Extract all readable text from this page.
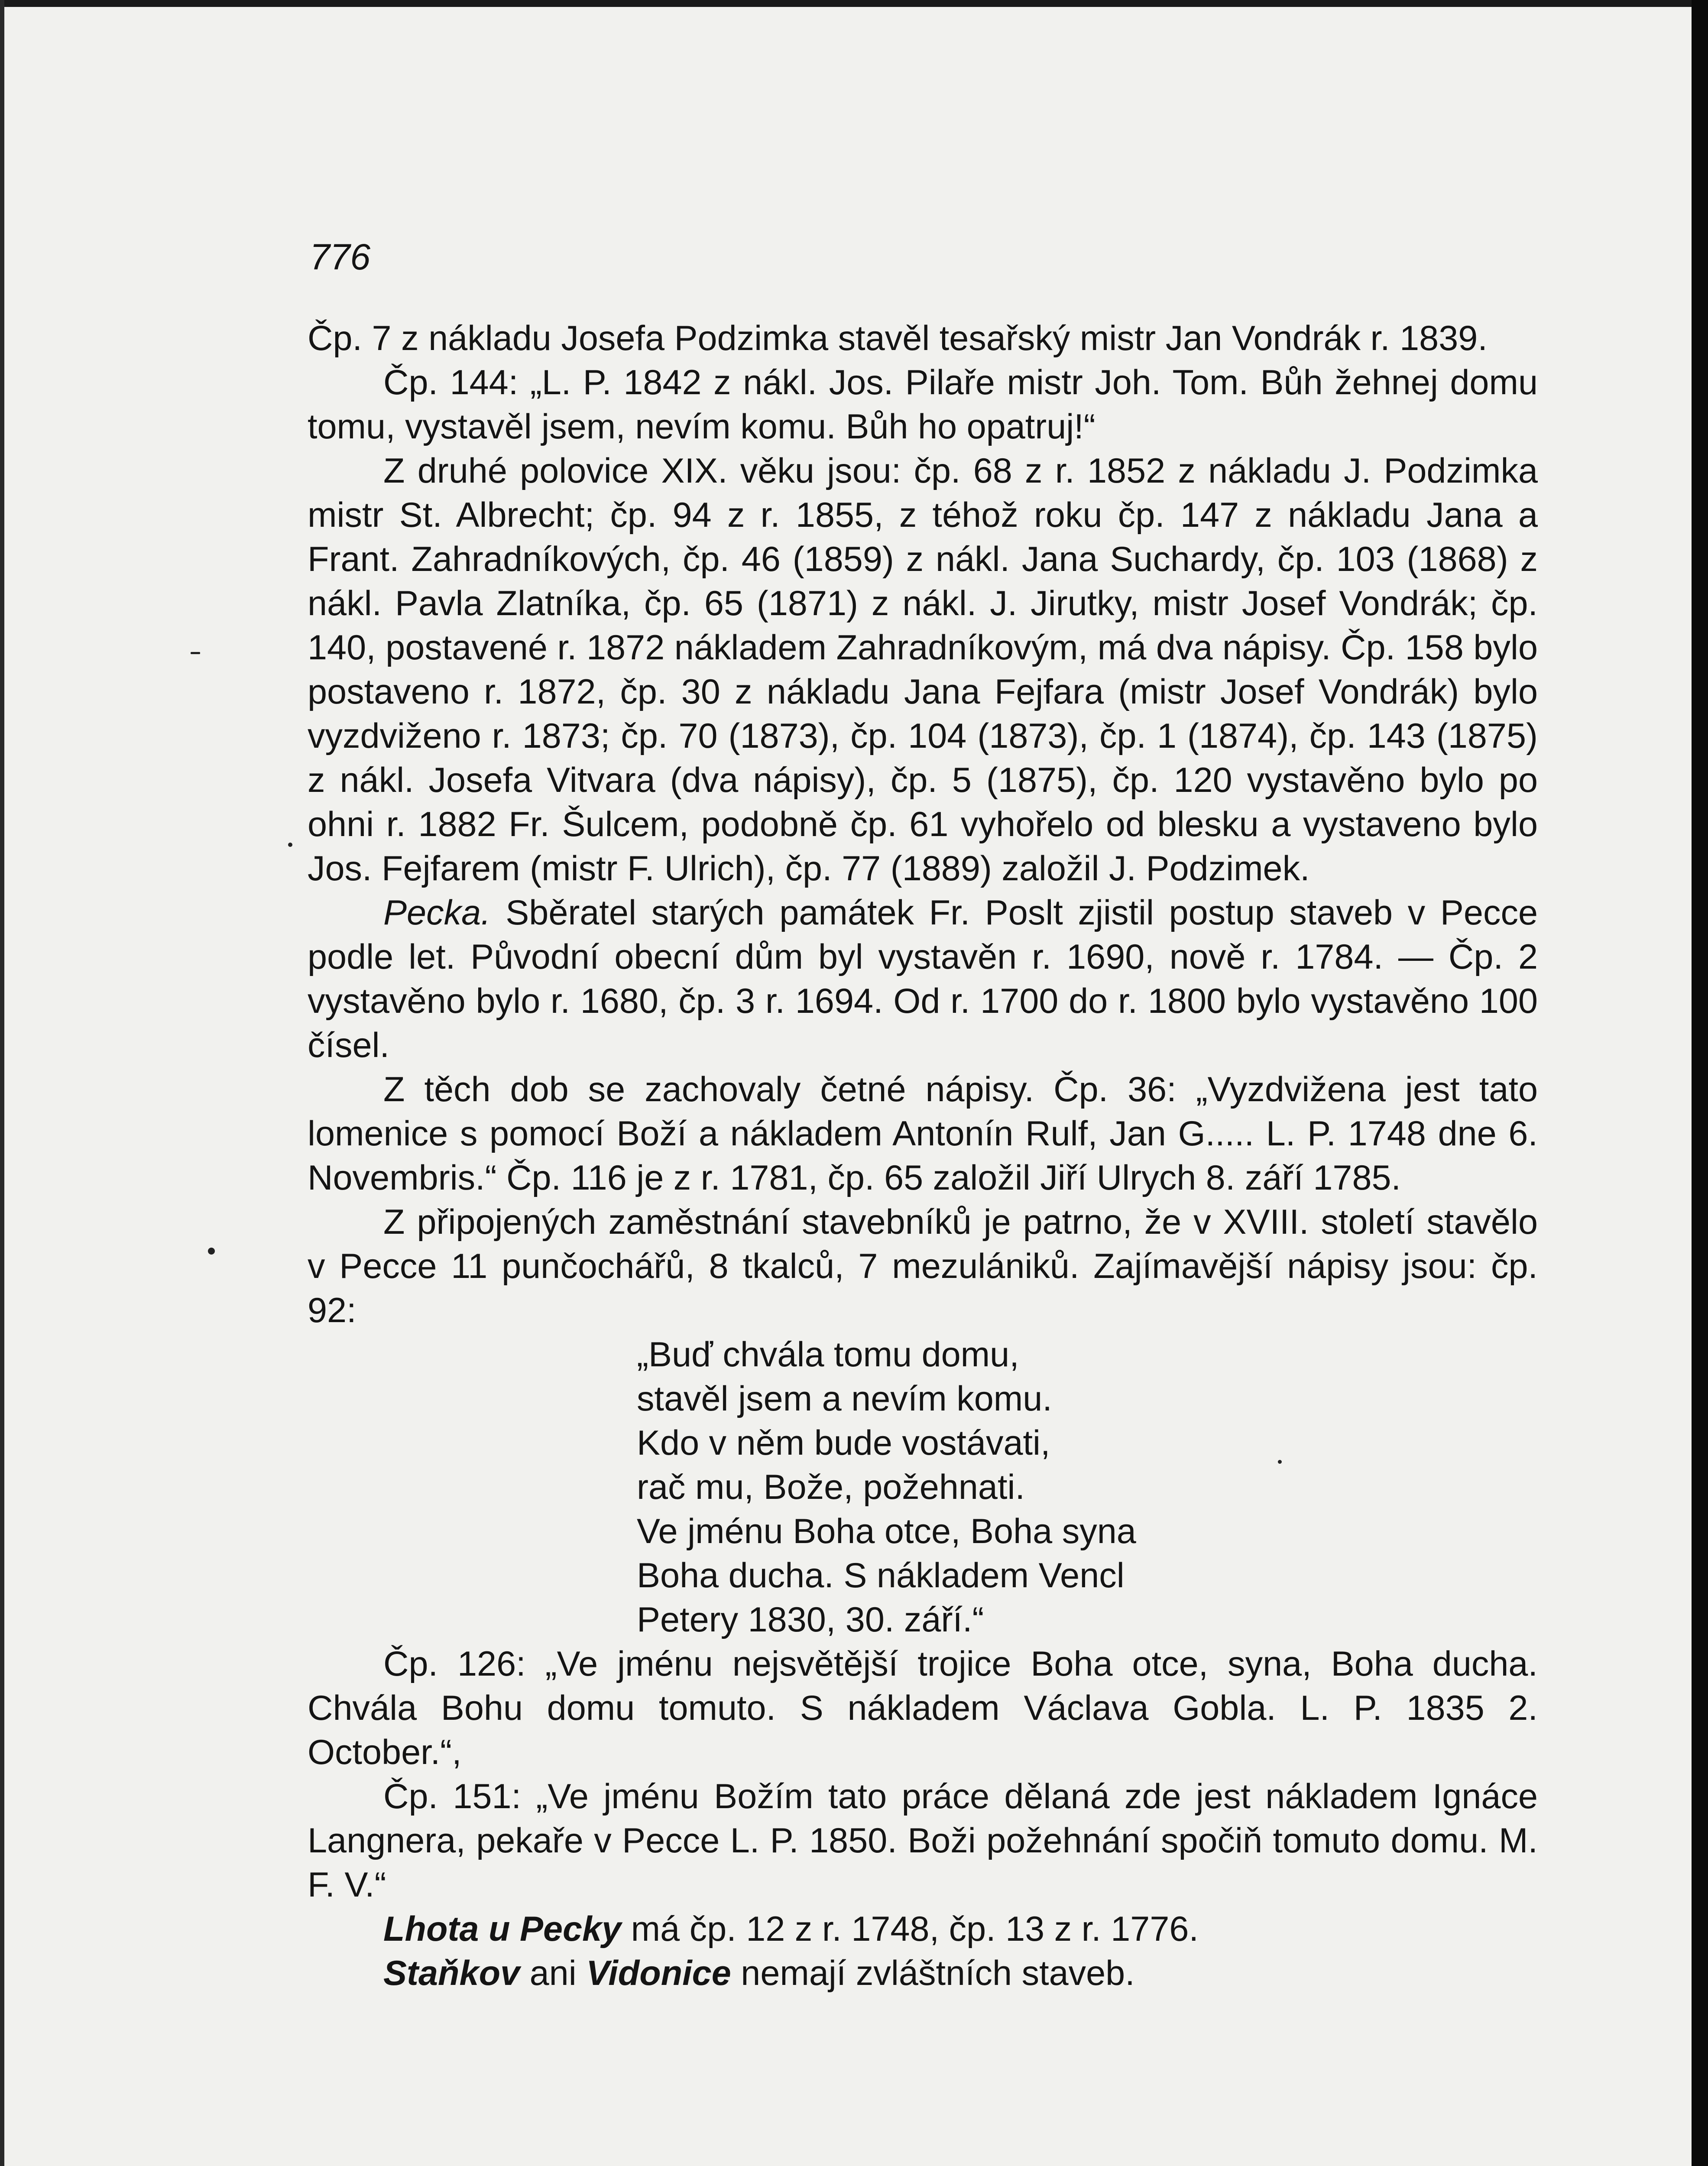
776

Čp. 7 z nákladu Josefa Podzimka stavěl tesařský mistr Jan Vondrák r. 1839.

Čp. 144: „L. P. 1842 z nákl. Jos. Pilaře mistr Joh. Tom. Bůh žehnej domu tomu, vystavěl jsem, nevím komu. Bůh ho opatruj!“

Z druhé polovice XIX. věku jsou: čp. 68 z r. 1852 z nákladu J. Podzimka mistr St. Albrecht; čp. 94 z r. 1855, z téhož roku čp. 147 z nákladu Jana a Frant. Zahradníkových, čp. 46 (1859) z nákl. Jana Suchardy, čp. 103 (1868) z nákl. Pavla Zlatníka, čp. 65 (1871) z nákl. J. Jirutky, mistr Josef Vondrák; čp. 140, postavené r. 1872 nákladem Zahradníkovým, má dva nápisy. Čp. 158 bylo postaveno r. 1872, čp. 30 z nákladu Jana Fejfara (mistr Josef Vondrák) bylo vyzdviženo r. 1873; čp. 70 (1873), čp. 104 (1873), čp. 1 (1874), čp. 143 (1875) z nákl. Josefa Vitvara (dva nápisy), čp. 5 (1875), čp. 120 vystavěno bylo po ohni r. 1882 Fr. Šulcem, podobně čp. 61 vyhořelo od blesku a vystaveno bylo Jos. Fejfarem (mistr F. Ulrich), čp. 77 (1889) založil J. Podzimek.

Pecka. Sběratel starých památek Fr. Poslt zjistil postup staveb v Pecce podle let. Původní obecní dům byl vystavěn r. 1690, nově r. 1784. — Čp. 2 vystavěno bylo r. 1680, čp. 3 r. 1694. Od r. 1700 do r. 1800 bylo vystavěno 100 čísel.

Z těch dob se zachovaly četné nápisy. Čp. 36: „Vyzdvižena jest tato lomenice s pomocí Boží a nákladem Antonín Rulf, Jan G..... L. P. 1748 dne 6. Novembris.“ Čp. 116 je z r. 1781, čp. 65 založil Jiří Ulrych 8. září 1785.

Z připojených zaměstnání stavebníků je patrno, že v XVIII. století stavělo v Pecce 11 punčochářů, 8 tkalců, 7 mezulánіků. Zajímavější nápisy jsou: čp. 92:

„Buď chvála tomu domu,
stavěl jsem a nevím komu.
Kdo v něm bude vostávati,
rač mu, Bože, požehnati.
Ve jménu Boha otce, Boha syna
Boha ducha. S nákladem Vencl
Petery 1830, 30. září.“

Čp. 126: „Ve jménu nejsvětější trojice Boha otce, syna, Boha ducha. Chvála Bohu domu tomuto. S nákladem Václava Gobla. L. P. 1835 2. October.“,

Čp. 151: „Ve jménu Božím tato práce dělaná zde jest nákladem Ignáce Langnera, pekaře v Pecce L. P. 1850. Boži požehnání spočiň tomuto domu. M. F. V.“

Lhota u Pecky má čp. 12 z r. 1748, čp. 13 z r. 1776.

Staňkov ani Vidonice nemají zvláštních staveb.
